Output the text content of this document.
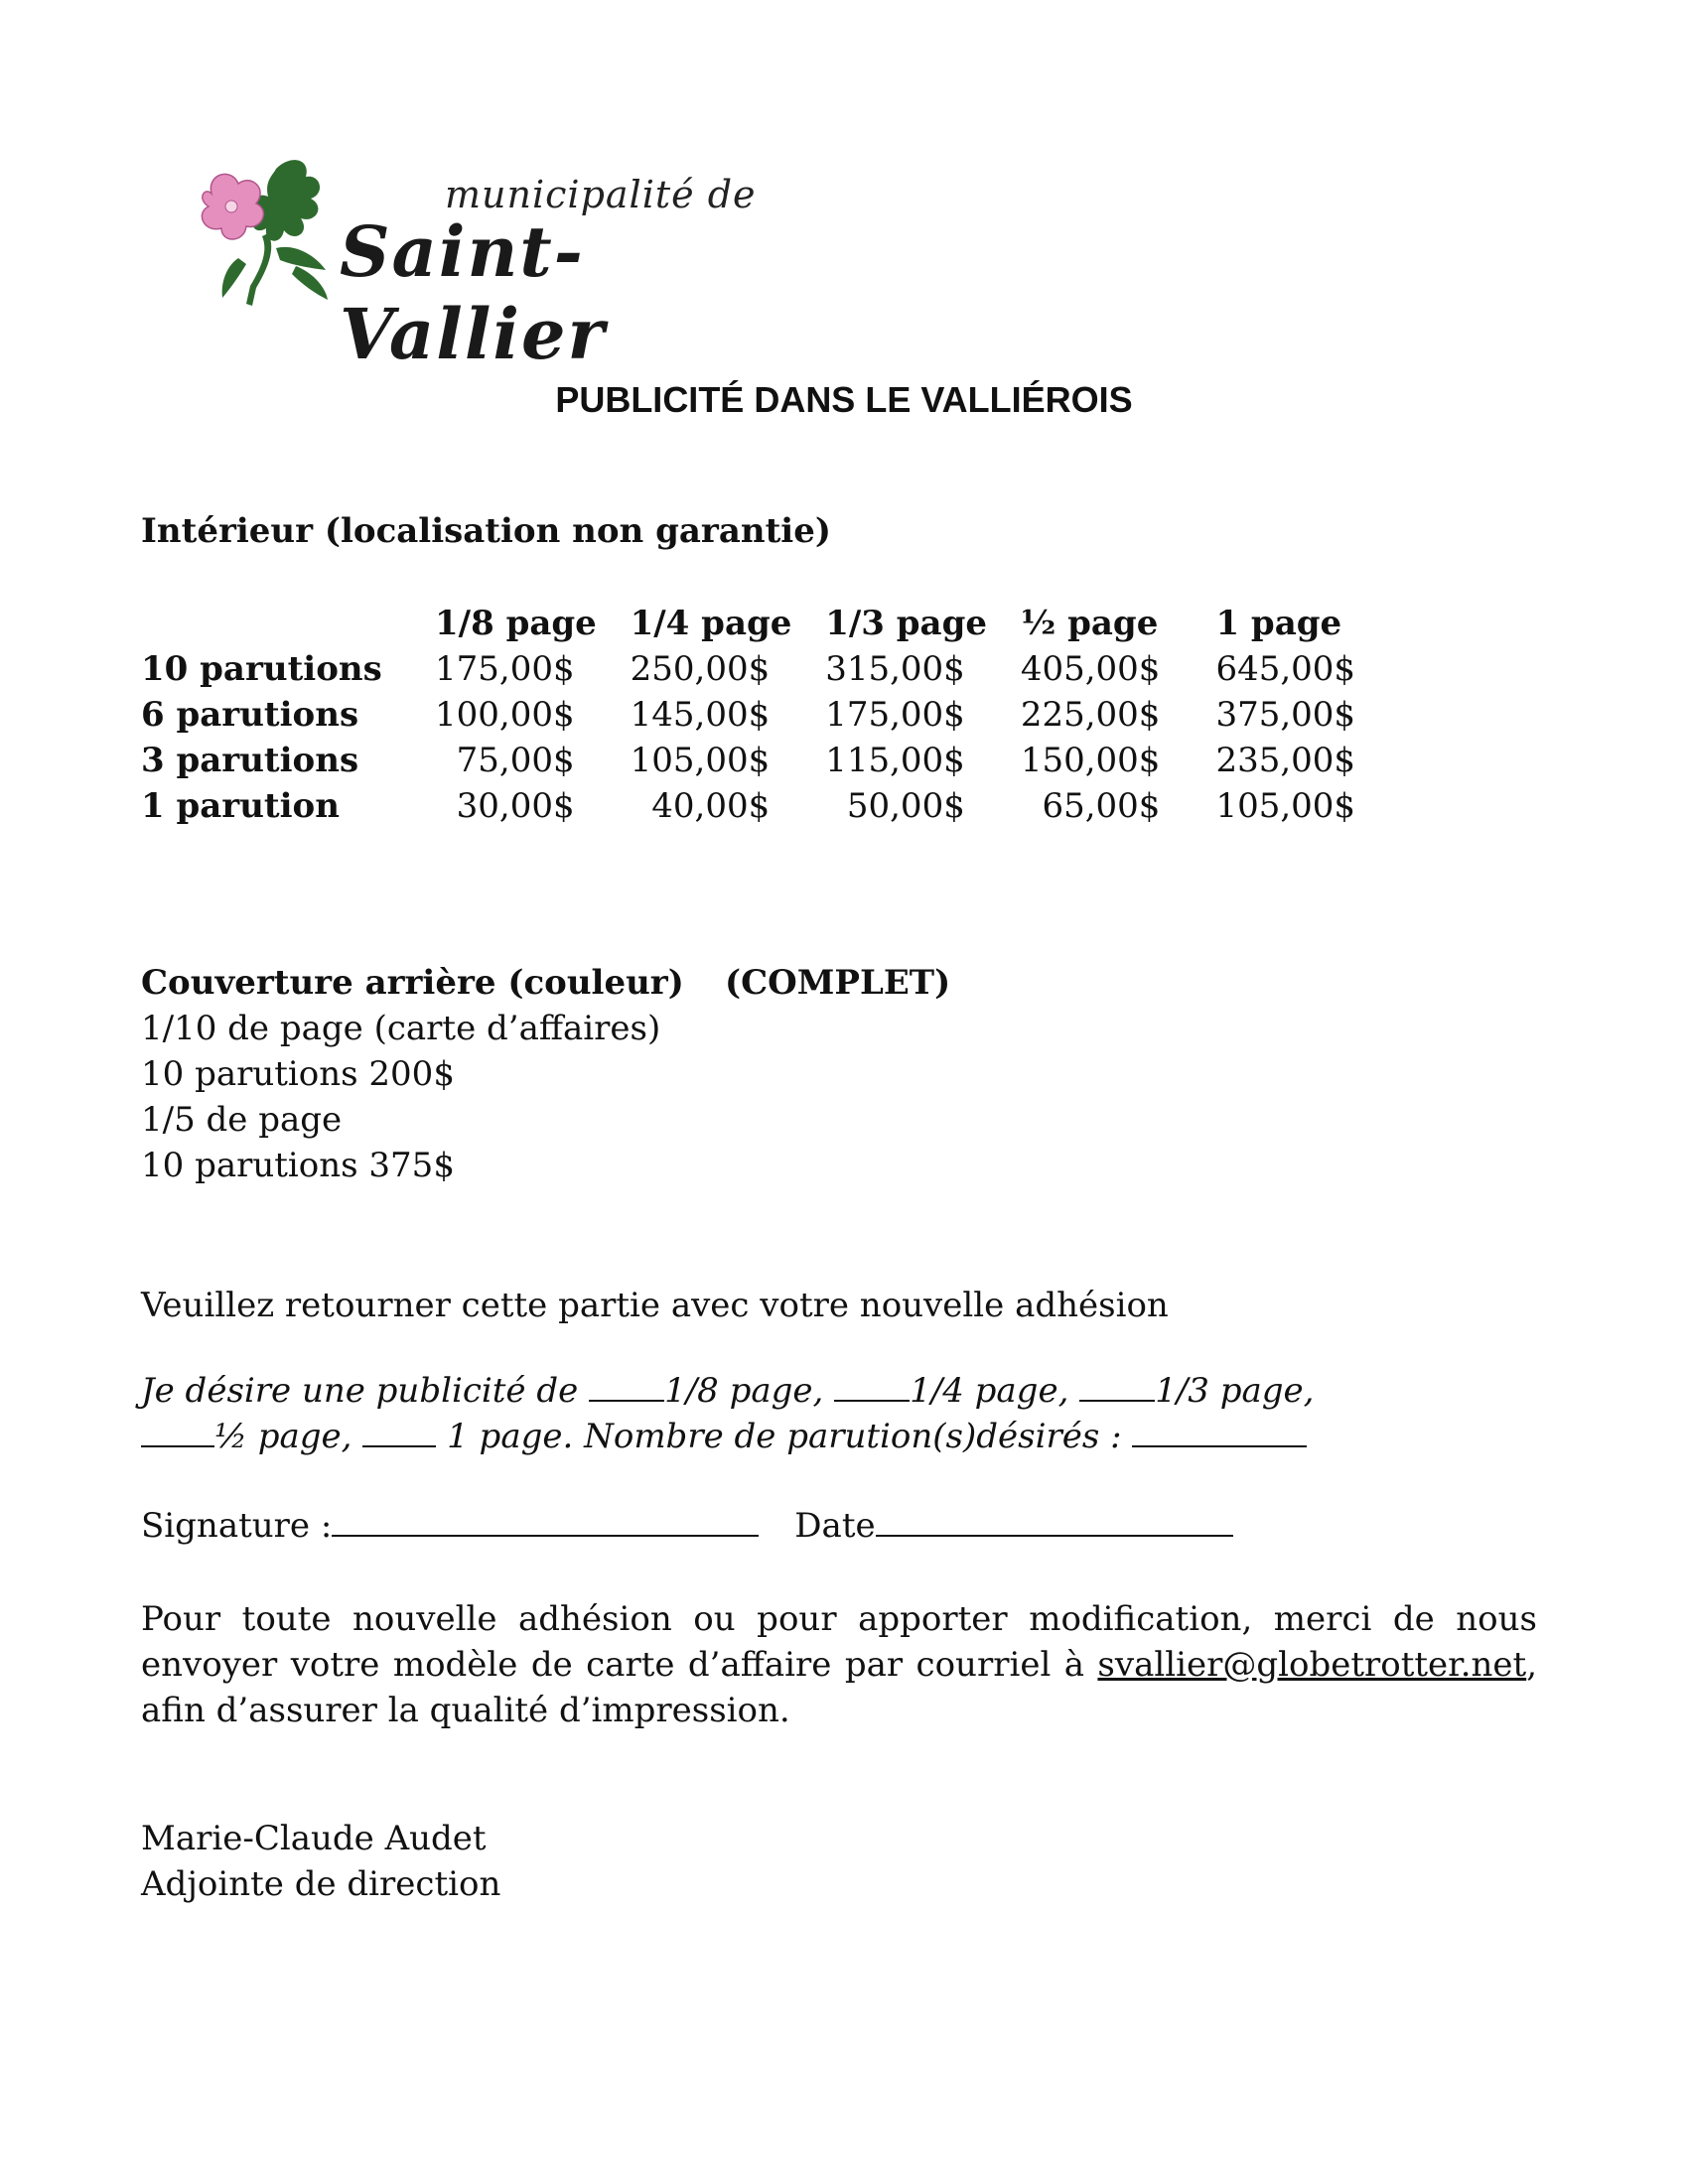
municipalité de
Saint-Vallier
PUBLICITÉ DANS LE VALLIÉROIS
Intérieur (localisation non garantie)
	1/8 page	1/4 page	1/3 page	½ page	1 page
10 parutions	175,00$	250,00$	315,00$	405,00$	645,00$
6 parutions	100,00$	145,00$	175,00$	225,00$	375,00$
3 parutions	75,00$	105,00$	115,00$	150,00$	235,00$
1 parution	30,00$	40,00$	50,00$	65,00$	105,00$
Couverture arrière (couleur) (COMPLET)
1/10 de page (carte d’affaires)
10 parutions 200$
1/5 de page
10 parutions 375$
Veuillez retourner cette partie avec votre nouvelle adhésion
Je désire une publicité de 1/8 page, 1/4 page, 1/3 page,
½ page,  1 page. Nombre de parution(s)désirés :
Signature :	Date
Pour toute nouvelle adhésion ou pour apporter modification, merci de nous envoyer votre modèle de carte d’affaire par courriel à svallier@globetrotter.net, afin d’assurer la qualité d’impression.
Marie-Claude Audet
Adjointe de direction
